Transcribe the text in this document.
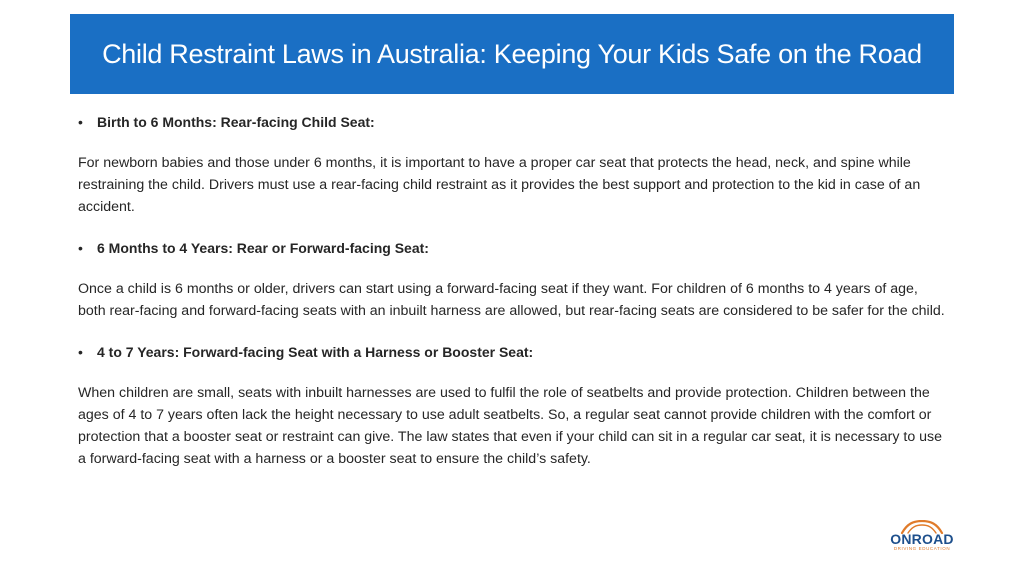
Child Restraint Laws in Australia: Keeping Your Kids Safe on the Road
•	Birth to 6 Months: Rear-facing Child Seat:

For newborn babies and those under 6 months, it is important to have a proper car seat that protects the head, neck, and spine while restraining the child. Drivers must use a rear-facing child restraint as it provides the best support and protection to the kid in case of an accident.

•	6 Months to 4 Years: Rear or Forward-facing Seat:

Once a child is 6 months or older, drivers can start using a forward-facing seat if they want. For children of 6 months to 4 years of age, both rear-facing and forward-facing seats with an inbuilt harness are allowed, but rear-facing seats are considered to be safer for the child.

•	4 to 7 Years: Forward-facing Seat with a Harness or Booster Seat:

When children are small, seats with inbuilt harnesses are used to fulfil the role of seatbelts and provide protection. Children between the ages of 4 to 7 years often lack the height necessary to use adult seatbelts. So, a regular seat cannot provide children with the comfort or protection that a booster seat or restraint can give. The law states that even if your child can sit in a regular car seat, it is necessary to use a forward-facing seat with a harness or a booster seat to ensure the child’s safety.

ONROAD
DRIVING EDUCATION
